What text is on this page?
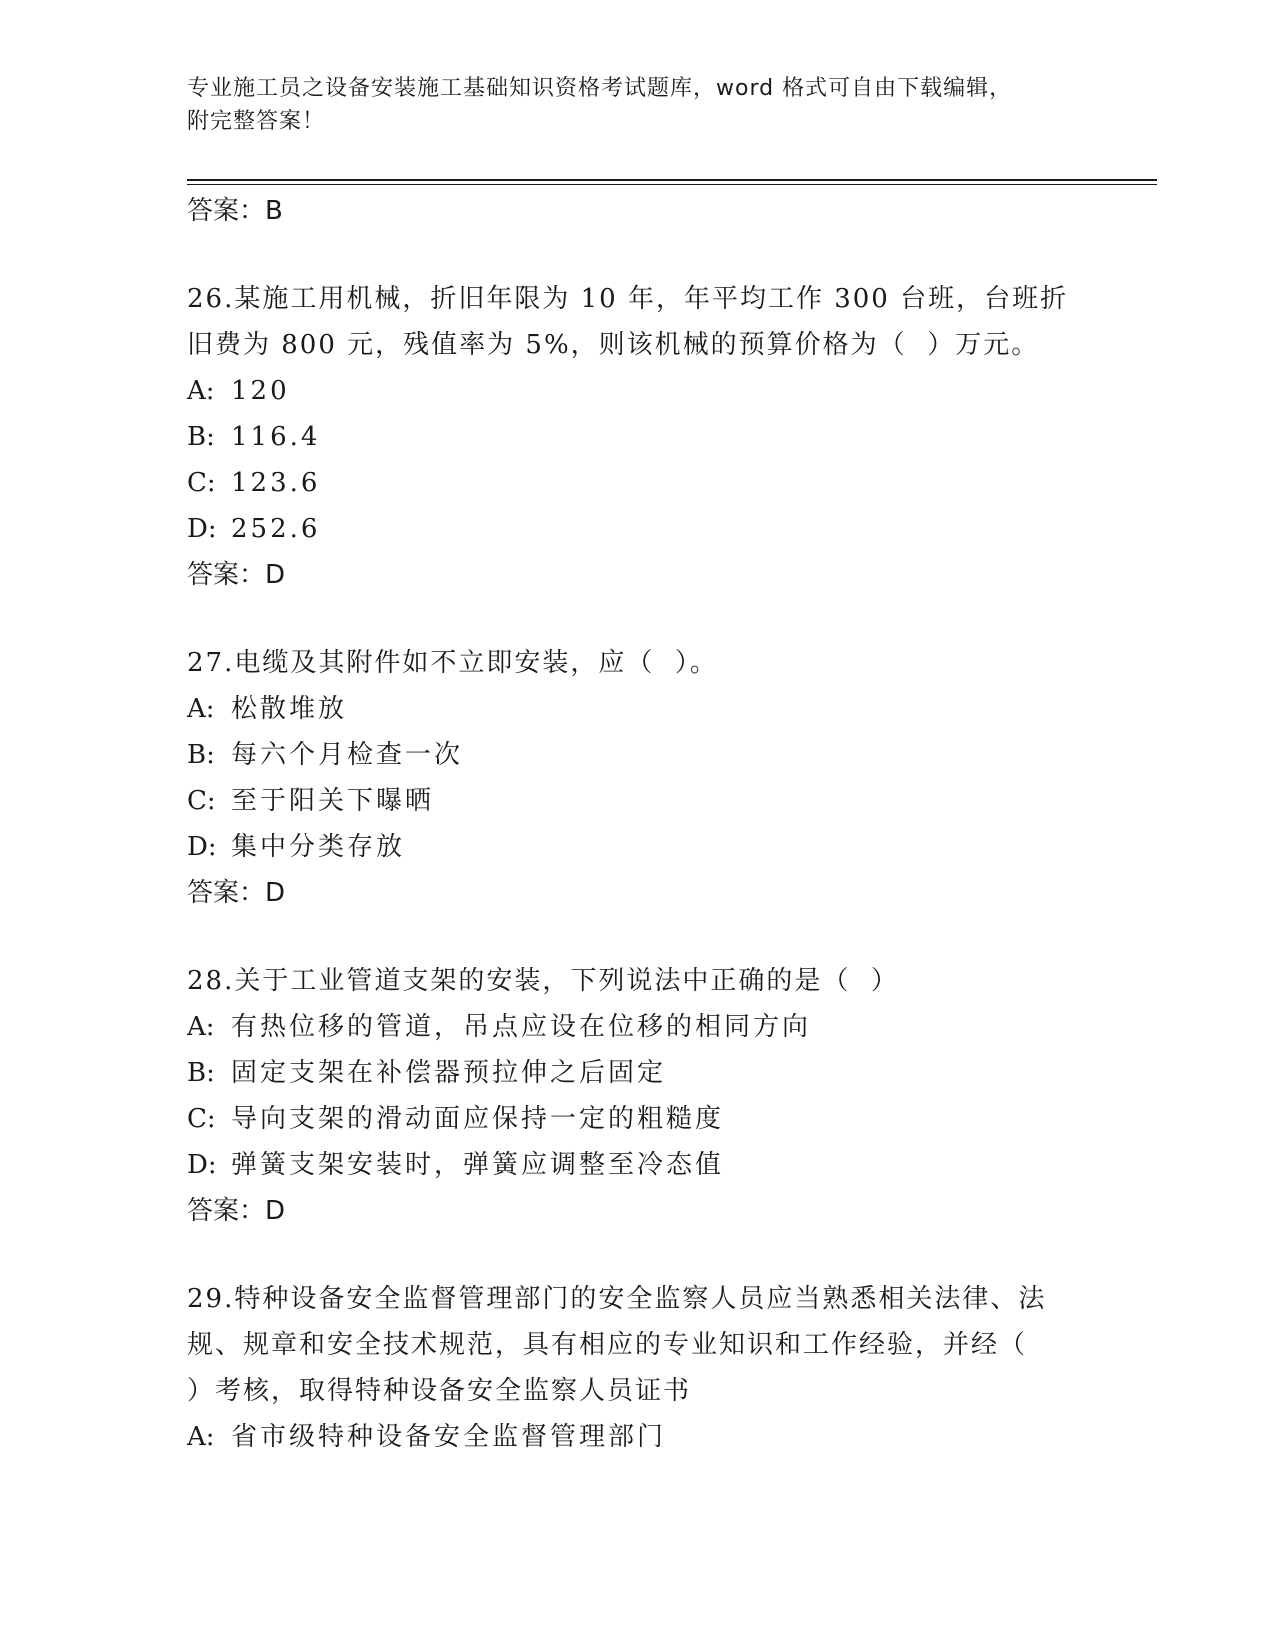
专业施工员之设备安装施工基础知识资格考试题库，word 格式可自由下载编辑，
附完整答案！
答案：B
26.某施工用机械，折旧年限为 10 年，年平均工作 300 台班，台班折
旧费为 800 元，残值率为 5%，则该机械的预算价格为（  ）万元。
A: 120
B: 116.4
C: 123.6
D: 252.6
答案：D
27.电缆及其附件如不立即安装，应（  ）。
A: 松散堆放
B: 每六个月检查一次
C: 至于阳关下曝晒
D: 集中分类存放
答案：D
28.关于工业管道支架的安装，下列说法中正确的是（  ）
A: 有热位移的管道，吊点应设在位移的相同方向
B: 固定支架在补偿器预拉伸之后固定
C: 导向支架的滑动面应保持一定的粗糙度
D: 弹簧支架安装时，弹簧应调整至冷态值
答案：D
29.特种设备安全监督管理部门的安全监察人员应当熟悉相关法律、法
规、规章和安全技术规范，具有相应的专业知识和工作经验，并经（
）考核，取得特种设备安全监察人员证书
A: 省市级特种设备安全监督管理部门
